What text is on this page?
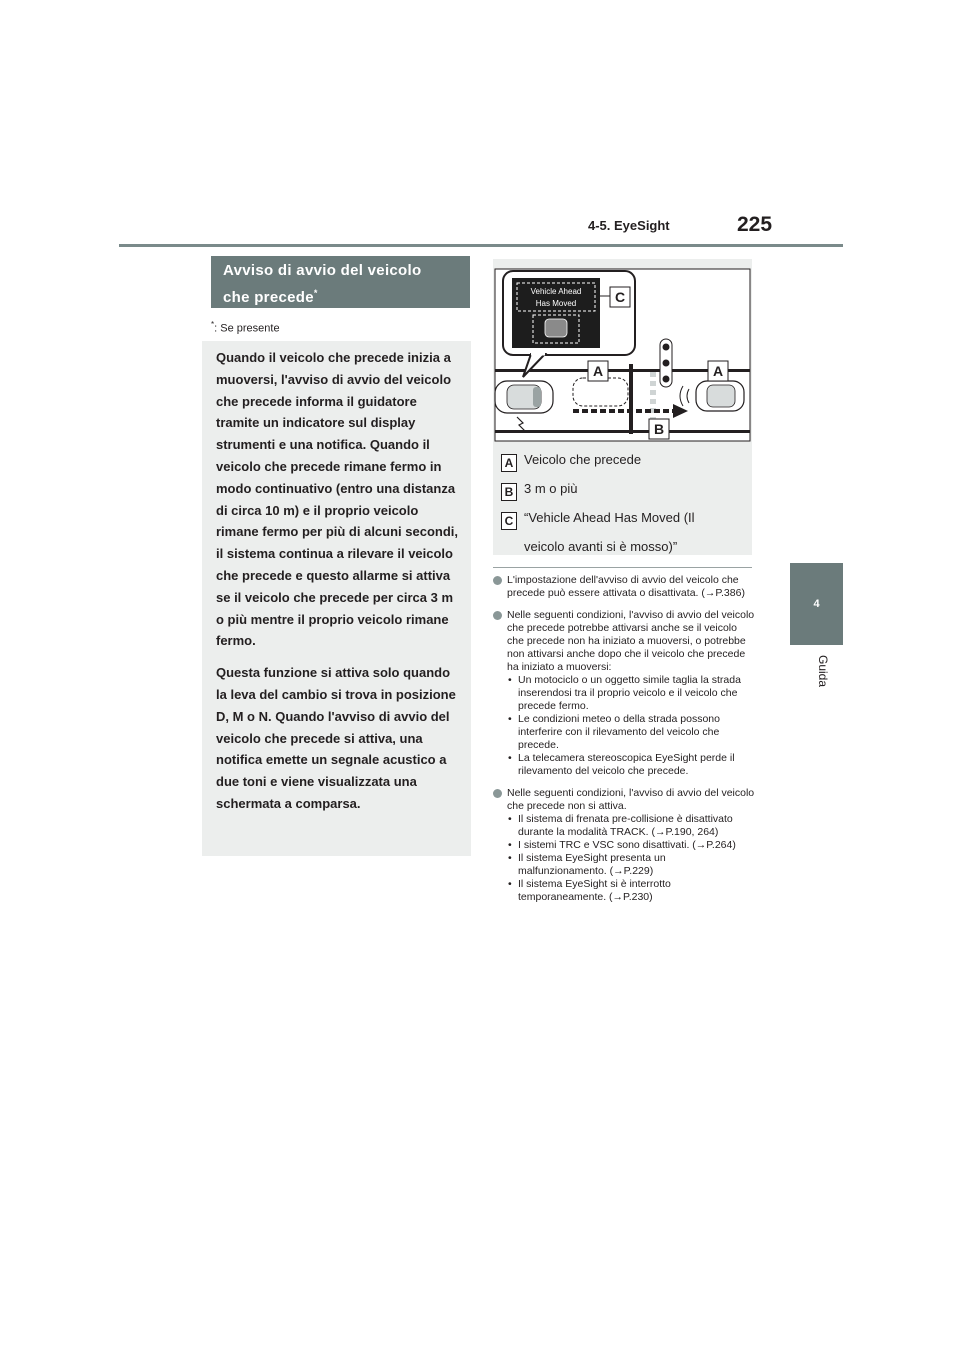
4-5. EyeSight	225
4
Guida
Avviso di avvio del veicolo
che precede*
*: Se presente

Quando il veicolo che precede inizia a muoversi, l'avviso di avvio del veicolo che precede informa il guidatore tramite un indicatore sul display strumenti e una notifica. Quando il veicolo che precede rimane fermo in modo continuativo (entro una distanza di circa 10 m) e il proprio veicolo rimane fermo per più di alcuni secondi, il sistema continua a rilevare il veicolo che precede e questo allarme si attiva se il veicolo che precede per circa 3 m o più mentre il proprio veicolo rimane fermo.

Questa funzione si attiva solo quando la leva del cambio si trova in posizione D, M o N. Quando l'avviso di avvio del veicolo che precede si attiva, una notifica emette un segnale acustico a due toni e viene visualizzata una schermata a comparsa.

Vehicle Ahead
Has Moved	C
A	A
B
A Veicolo che precede
B 3 m o più
C “Vehicle Ahead Has Moved (Il
veicolo avanti si è mosso)”
L'impostazione dell'avviso di avvio del veicolo che precede può essere attivata o disattivata. (→P.386)
Nelle seguenti condizioni, l'avviso di avvio del veicolo che precede potrebbe attivarsi anche se il veicolo che precede non ha iniziato a muoversi, o potrebbe non attivarsi anche dopo che il veicolo che precede ha iniziato a muoversi:
• Un motociclo o un oggetto simile taglia la strada inserendosi tra il proprio veicolo e il veicolo che precede fermo.
• Le condizioni meteo o della strada possono interferire con il rilevamento del veicolo che precede.
• La telecamera stereoscopica EyeSight perde il rilevamento del veicolo che precede.
Nelle seguenti condizioni, l'avviso di avvio del veicolo che precede non si attiva.
• Il sistema di frenata pre-collisione è disattivato durante la modalità TRACK. (→P.190, 264)
• I sistemi TRC e VSC sono disattivati. (→P.264)
• Il sistema EyeSight presenta un malfunzionamento. (→P.229)
• Il sistema EyeSight si è interrotto temporaneamente. (→P.230)
